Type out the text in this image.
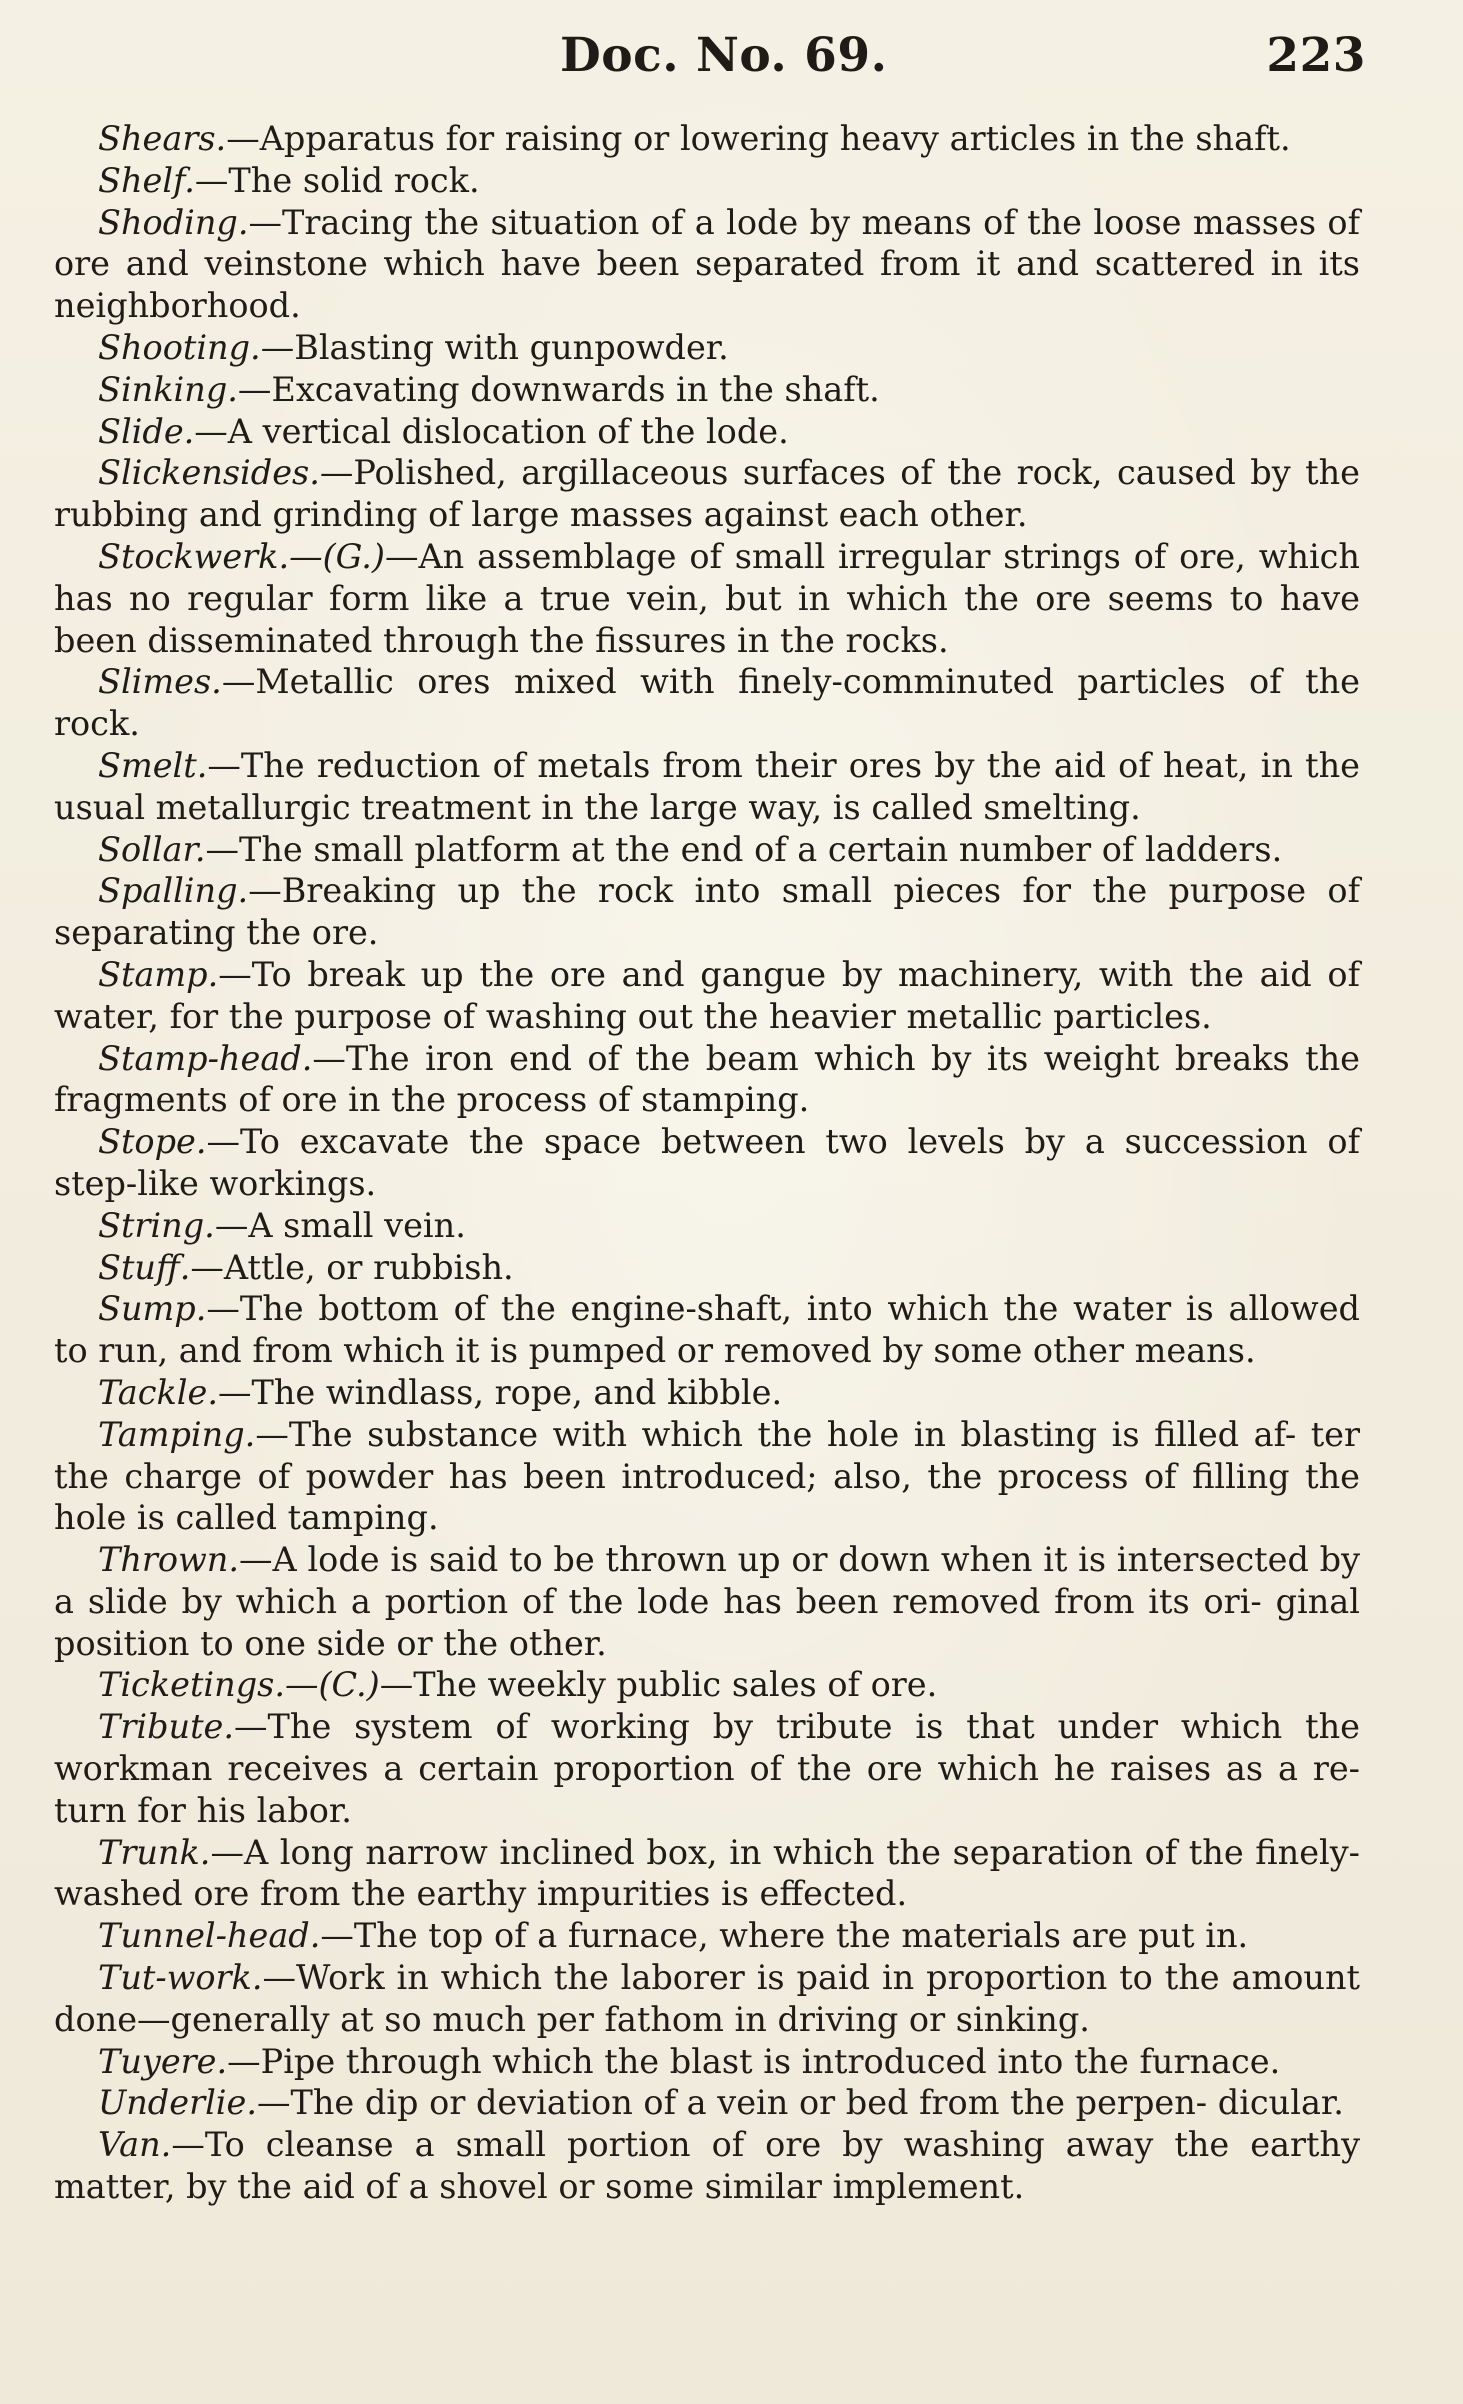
Doc. No. 69.	223

Shears.—Apparatus for raising or lowering heavy articles in the shaft.

Shelf.—The solid rock.

Shoding.—Tracing the situation of a lode by means of the loose masses of ore and veinstone which have been separated from it and scattered in its neighborhood.

Shooting.—Blasting with gunpowder.

Sinking.—Excavating downwards in the shaft.

Slide.—A vertical dislocation of the lode.

Slickensides.—Polished, argillaceous surfaces of the rock, caused by the rubbing and grinding of large masses against each other.

Stockwerk.—(G.)—An assemblage of small irregular strings of ore, which has no regular form like a true vein, but in which the ore seems to have been disseminated through the fissures in the rocks.

Slimes.—Metallic ores mixed with finely-comminuted particles of the rock.

Smelt.—The reduction of metals from their ores by the aid of heat, in the usual metallurgic treatment in the large way, is called smelting.

Sollar.—The small platform at the end of a certain number of ladders.

Spalling.—Breaking up the rock into small pieces for the purpose of separating the ore.

Stamp.—To break up the ore and gangue by machinery, with the aid of water, for the purpose of washing out the heavier metallic particles.

Stamp-head.—The iron end of the beam which by its weight breaks the fragments of ore in the process of stamping.

Stope.—To excavate the space between two levels by a succession of step-like workings.

String.—A small vein.

Stuff.—Attle, or rubbish.

Sump.—The bottom of the engine-shaft, into which the water is allowed to run, and from which it is pumped or removed by some other means.

Tackle.—The windlass, rope, and kibble.

Tamping.—The substance with which the hole in blasting is filled af- ter the charge of powder has been introduced; also, the process of filling the hole is called tamping.

Thrown.—A lode is said to be thrown up or down when it is intersected by a slide by which a portion of the lode has been removed from its ori- ginal position to one side or the other.

Ticketings.—(C.)—The weekly public sales of ore.

Tribute.—The system of working by tribute is that under which the workman receives a certain proportion of the ore which he raises as a re- turn for his labor.

Trunk.—A long narrow inclined box, in which the separation of the finely-washed ore from the earthy impurities is effected.

Tunnel-head.—The top of a furnace, where the materials are put in.

Tut-work.—Work in which the laborer is paid in proportion to the amount done—generally at so much per fathom in driving or sinking.

Tuyere.—Pipe through which the blast is introduced into the furnace.

Underlie.—The dip or deviation of a vein or bed from the perpen- dicular.

Van.—To cleanse a small portion of ore by washing away the earthy matter, by the aid of a shovel or some similar implement.
